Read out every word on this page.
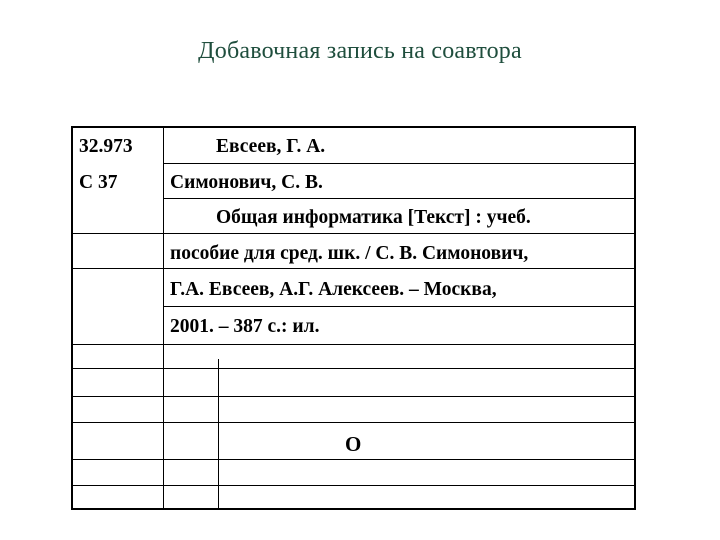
Добавочная запись на соавтора
32.973	Евсеев, Г. А.
С 37	Симонович, С. В.
Общая информатика [Текст] : учеб.
пособие для сред. шк. / С. В. Симонович,
Г.А. Евсеев, А.Г. Алексеев. – Москва,
2001. – 387 с.: ил.
О
